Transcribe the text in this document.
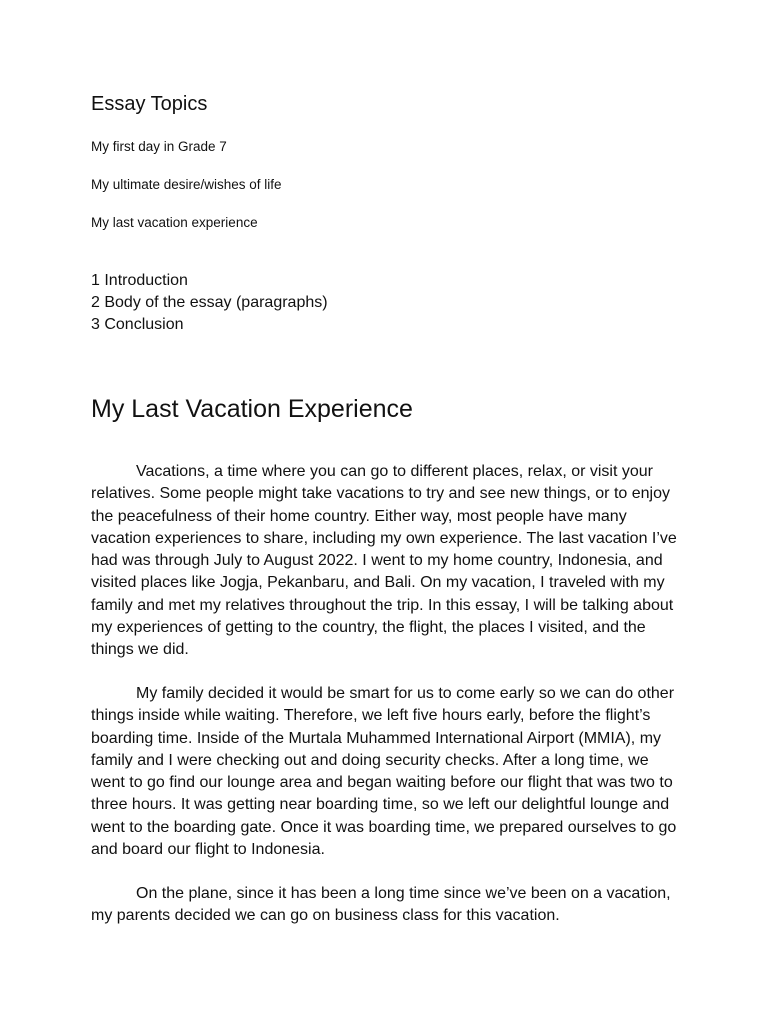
Essay Topics

My first day in Grade 7

My ultimate desire/wishes of life

My last vacation experience

1 Introduction
2 Body of the essay (paragraphs)
3 Conclusion
My Last Vacation Experience

Vacations, a time where you can go to different places, relax, or visit your relatives. Some people might take vacations to try and see new things, or to enjoy the peacefulness of their home country. Either way, most people have many vacation experiences to share, including my own experience. The last vacation I’ve had was through July to August 2022. I went to my home country, Indonesia, and visited places like Jogja, Pekanbaru, and Bali. On my vacation, I traveled with my family and met my relatives throughout the trip. In this essay, I will be talking about my experiences of getting to the country, the flight, the places I visited, and the things we did.

My family decided it would be smart for us to come early so we can do other things inside while waiting. Therefore, we left five hours early, before the flight’s boarding time. Inside of the Murtala Muhammed International Airport (MMIA), my family and I were checking out and doing security checks. After a long time, we went to go find our lounge area and began waiting before our flight that was two to three hours. It was getting near boarding time, so we left our delightful lounge and went to the boarding gate. Once it was boarding time, we prepared ourselves to go and board our flight to Indonesia.

On the plane, since it has been a long time since we’ve been on a vacation, my parents decided we can go on business class for this vacation.
